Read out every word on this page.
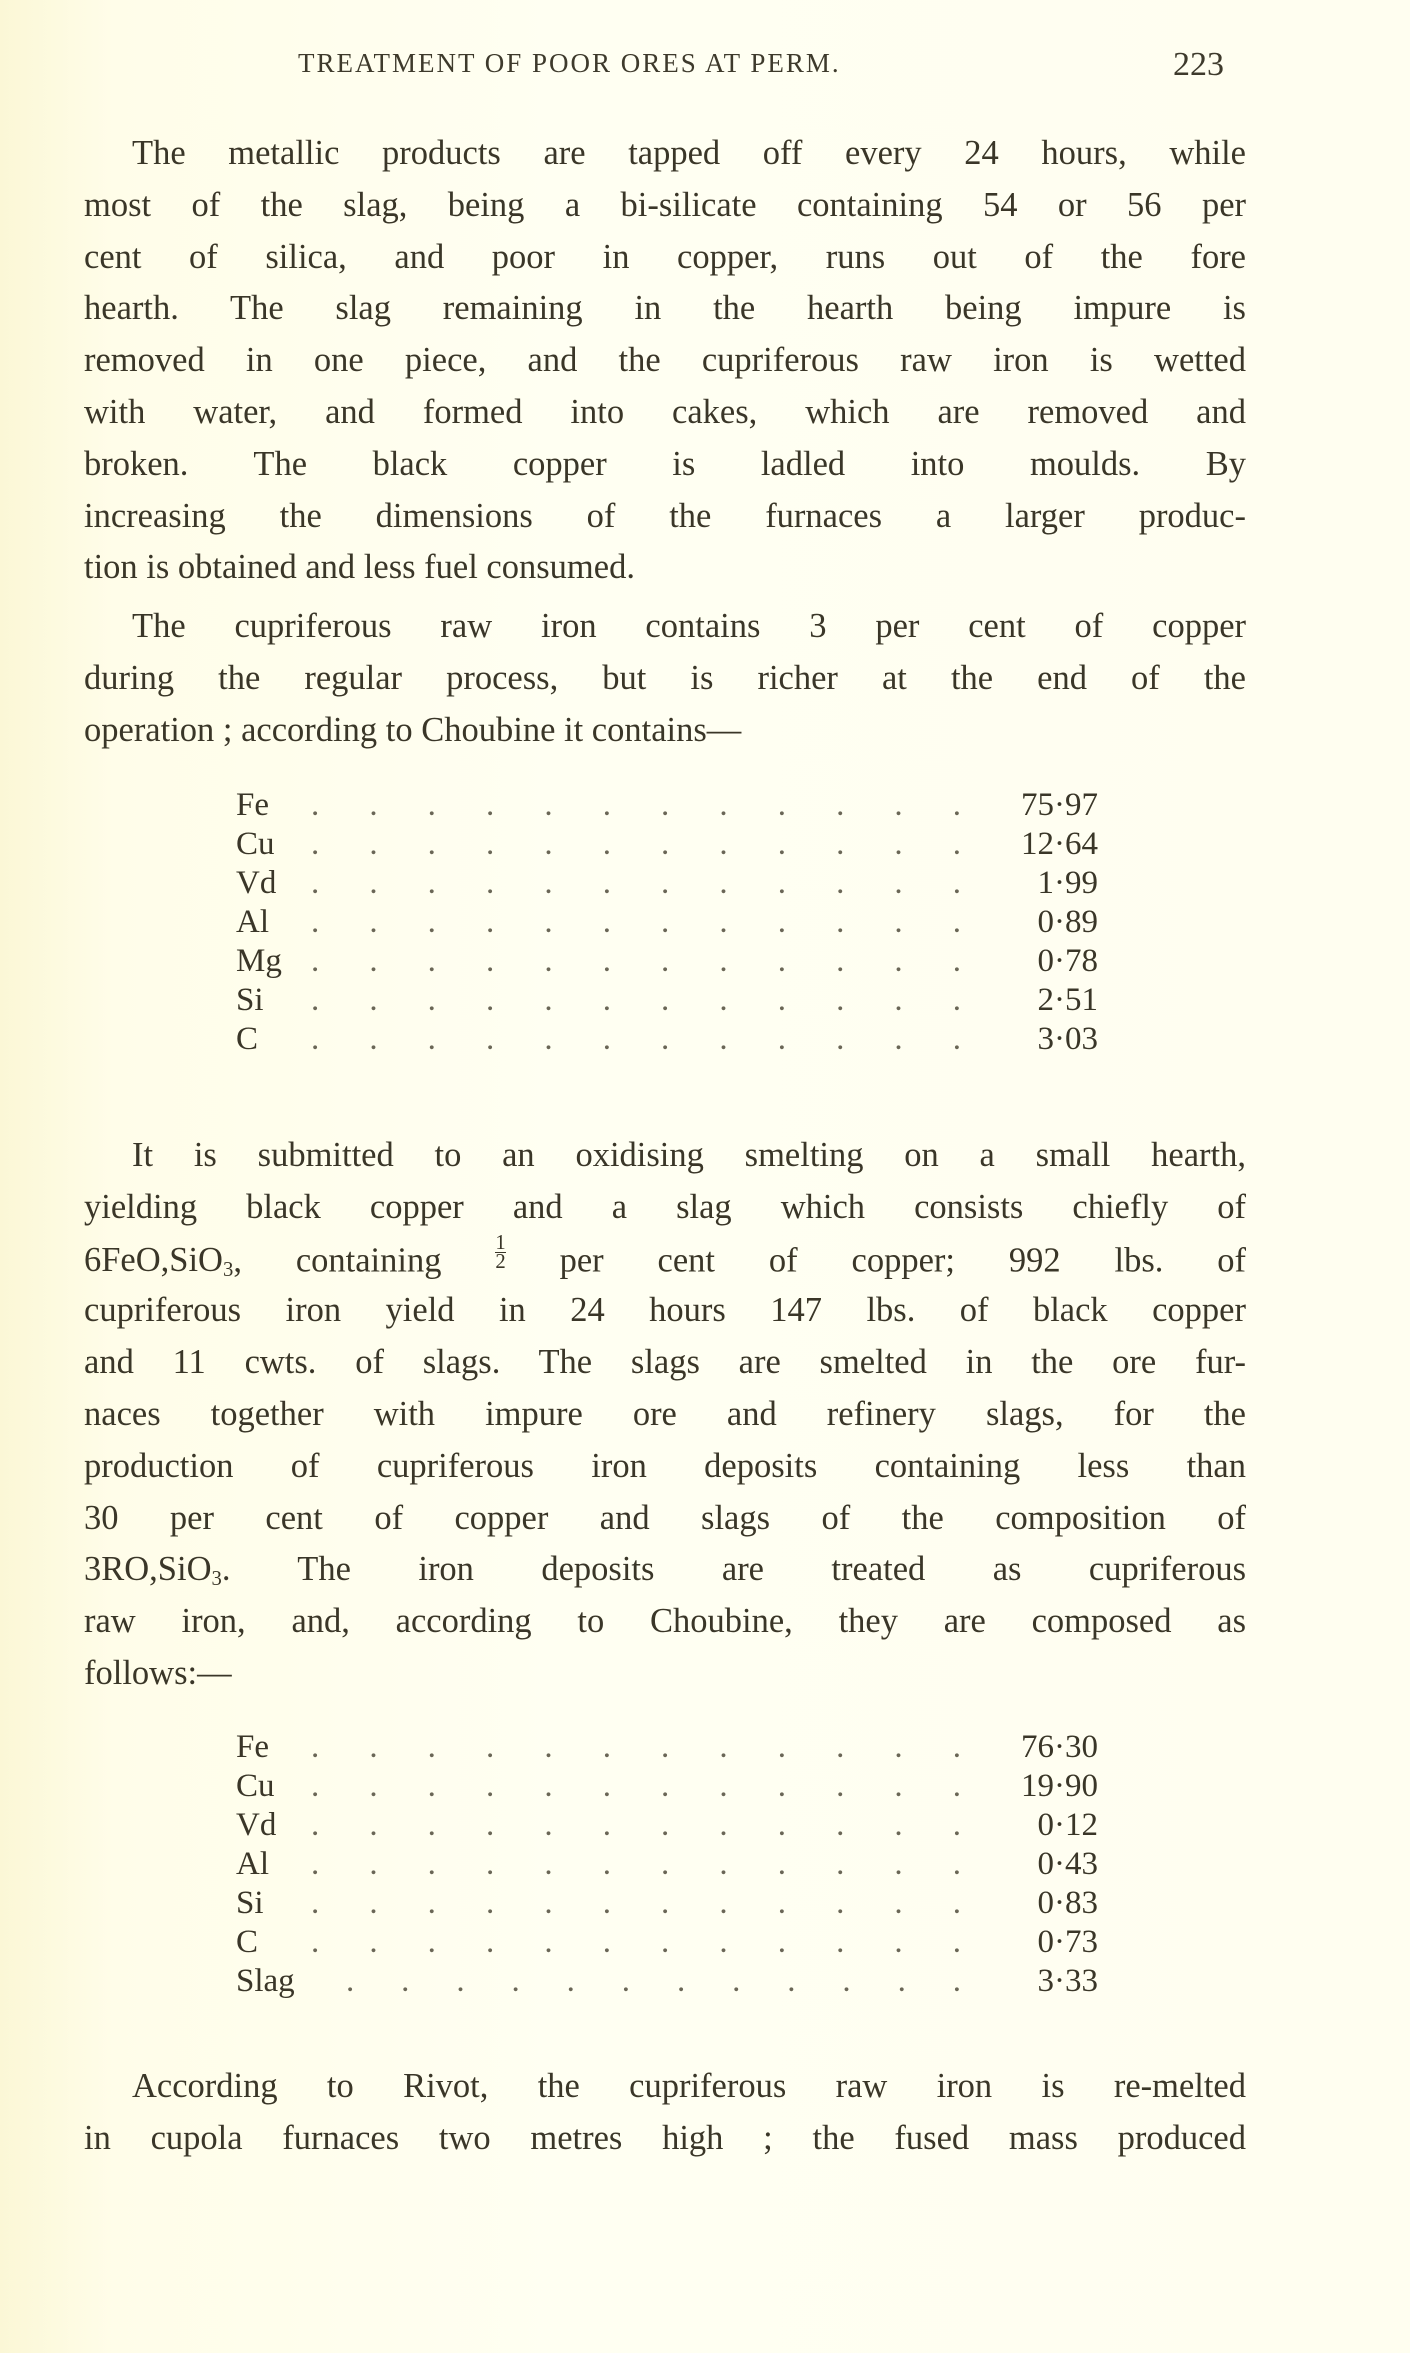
TREATMENT OF POOR ORES AT PERM.	223
The metallic products are tapped off every 24 hours, while
most of the slag, being a bi-silicate containing 54 or 56 per
cent of silica, and poor in copper, runs out of the fore
hearth. The slag remaining in the hearth being impure is
removed in one piece, and the cupriferous raw iron is wetted
with water, and formed into cakes, which are removed and
broken. The black copper is ladled into moulds. By
increasing the dimensions of the furnaces a larger produc-
tion is obtained and less fuel consumed.
The cupriferous raw iron contains 3 per cent of copper
during the regular process, but is richer at the end of the
operation ; according to Choubine it contains—
Fe . . . . . . . . . . . . 75·97
Cu . . . . . . . . . . . . 12·64
Vd . . . . . . . . . . . . 1·99
Al . . . . . . . . . . . . 0·89
Mg . . . . . . . . . . . . 0·78
Si . . . . . . . . . . . . 2·51
C . . . . . . . . . . . . 3·03
It is submitted to an oxidising smelting on a small hearth,
yielding black copper and a slag which consists chiefly of
6FeO,SiO$_3$, containing	$\frac{1}{2}$ per cent of copper; 992 lbs. of
cupriferous iron yield in 24 hours 147 lbs. of black copper
and 11 cwts. of slags. The slags are smelted in the ore fur-
naces together with impure ore and refinery slags, for the
production of cupriferous iron deposits containing less than
30 per cent of copper and slags of the composition of
3RO,SiO$_3$. The iron deposits are treated as cupriferous
raw iron, and, according to Choubine, they are composed as
follows:—
Fe . . . . . . . . . . . . 76·30
Cu . . . . . . . . . . . . 19·90
Vd . . . . . . . . . . . . 0·12
Al . . . . . . . . . . . . 0·43
Si . . . . . . . . . . . . 0·83
C . . . . . . . . . . . . 0·73
Slag . . . . . . . . . . . . 3·33
According to Rivot, the cupriferous raw iron is re-melted
in cupola furnaces two metres high ; the fused mass produced
